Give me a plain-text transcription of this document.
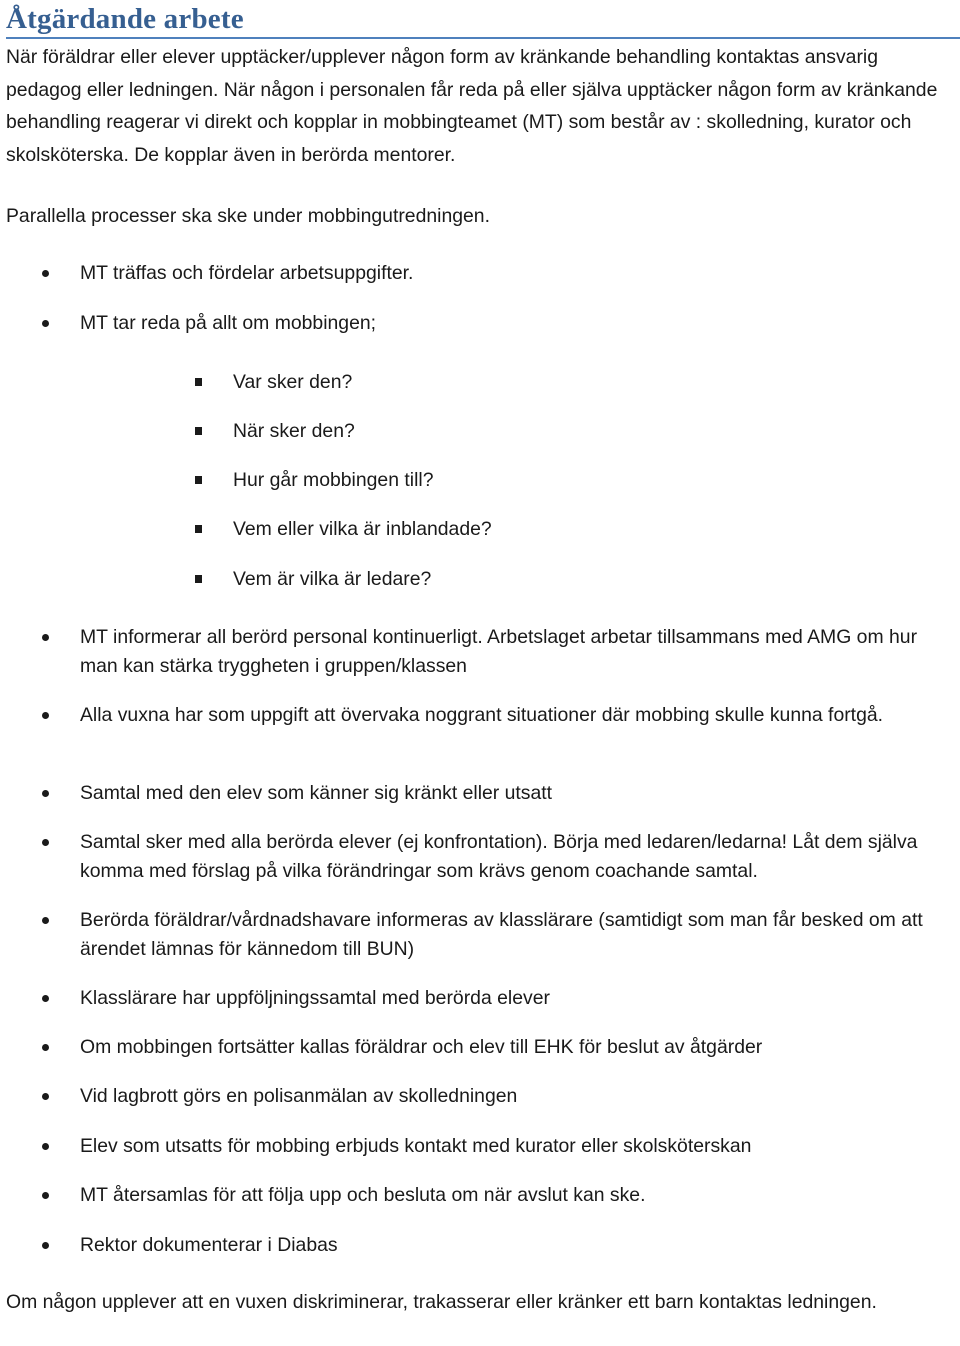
Åtgärdande arbete

När föräldrar eller elever upptäcker/upplever någon form av kränkande behandling kontaktas ansvarig pedagog eller ledningen. När någon i personalen får reda på eller själva upptäcker någon form av kränkande behandling reagerar vi direkt och kopplar in mobbingteamet (MT) som består av : skolledning, kurator och skolsköterska. De kopplar även in berörda mentorer.

Parallella processer ska ske under mobbingutredningen.

MT träffas och fördelar arbetsuppgifter.

MT tar reda på allt om mobbingen;

Var sker den?

När sker den?

Hur går mobbingen till?

Vem eller vilka är inblandade?

Vem är vilka är ledare?

MT informerar all berörd personal kontinuerligt. Arbetslaget arbetar tillsammans med AMG om hur man kan stärka tryggheten i gruppen/klassen

Alla vuxna har som uppgift att övervaka noggrant situationer där mobbing skulle kunna fortgå.

Samtal med den elev som känner sig kränkt eller utsatt

Samtal sker med alla berörda elever (ej konfrontation). Börja med ledaren/ledarna! Låt dem själva komma med förslag på vilka förändringar som krävs genom coachande samtal.

Berörda föräldrar/vårdnadshavare informeras av klasslärare (samtidigt som man får besked om att ärendet lämnas för kännedom till BUN)

Klasslärare har uppföljningssamtal med berörda elever

Om mobbingen fortsätter kallas föräldrar och elev till EHK för beslut av åtgärder

Vid lagbrott görs en polisanmälan av skolledningen

Elev som utsatts för mobbing erbjuds kontakt med kurator eller skolsköterskan

MT återsamlas för att följa upp och besluta om när avslut kan ske.

Rektor dokumenterar i Diabas

Om någon upplever att en vuxen diskriminerar, trakasserar eller kränker ett barn kontaktas ledningen.
